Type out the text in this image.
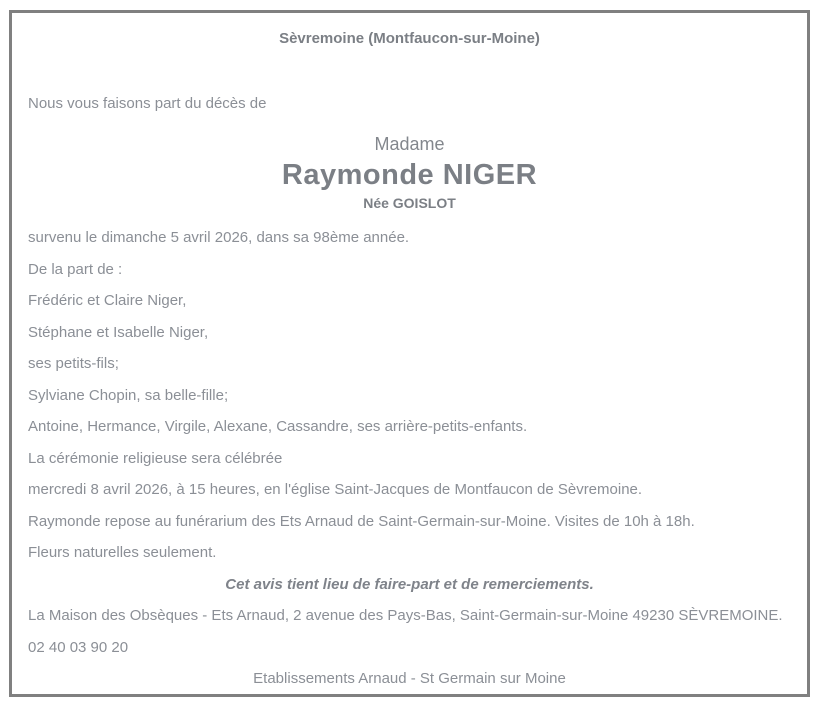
Sèvremoine (Montfaucon-sur-Moine)

Nous vous faisons part du décès de

Madame

Raymonde NIGER

Née GOISLOT

survenu le dimanche 5 avril 2026, dans sa 98ème année.

De la part de :

Frédéric et Claire Niger,

Stéphane et Isabelle Niger,

ses petits-fils;

Sylviane Chopin, sa belle-fille;

Antoine, Hermance, Virgile, Alexane, Cassandre, ses arrière-petits-enfants.

La cérémonie religieuse sera célébrée

mercredi 8 avril 2026, à 15 heures, en l'église Saint-Jacques de Montfaucon de Sèvremoine.

Raymonde repose au funérarium des Ets Arnaud de Saint-Germain-sur-Moine. Visites de 10h à 18h.

Fleurs naturelles seulement.

Cet avis tient lieu de faire-part et de remerciements.

La Maison des Obsèques - Ets Arnaud, 2 avenue des Pays-Bas, Saint-Germain-sur-Moine 49230 SÈVREMOINE.

02 40 03 90 20

Etablissements Arnaud - St Germain sur Moine
